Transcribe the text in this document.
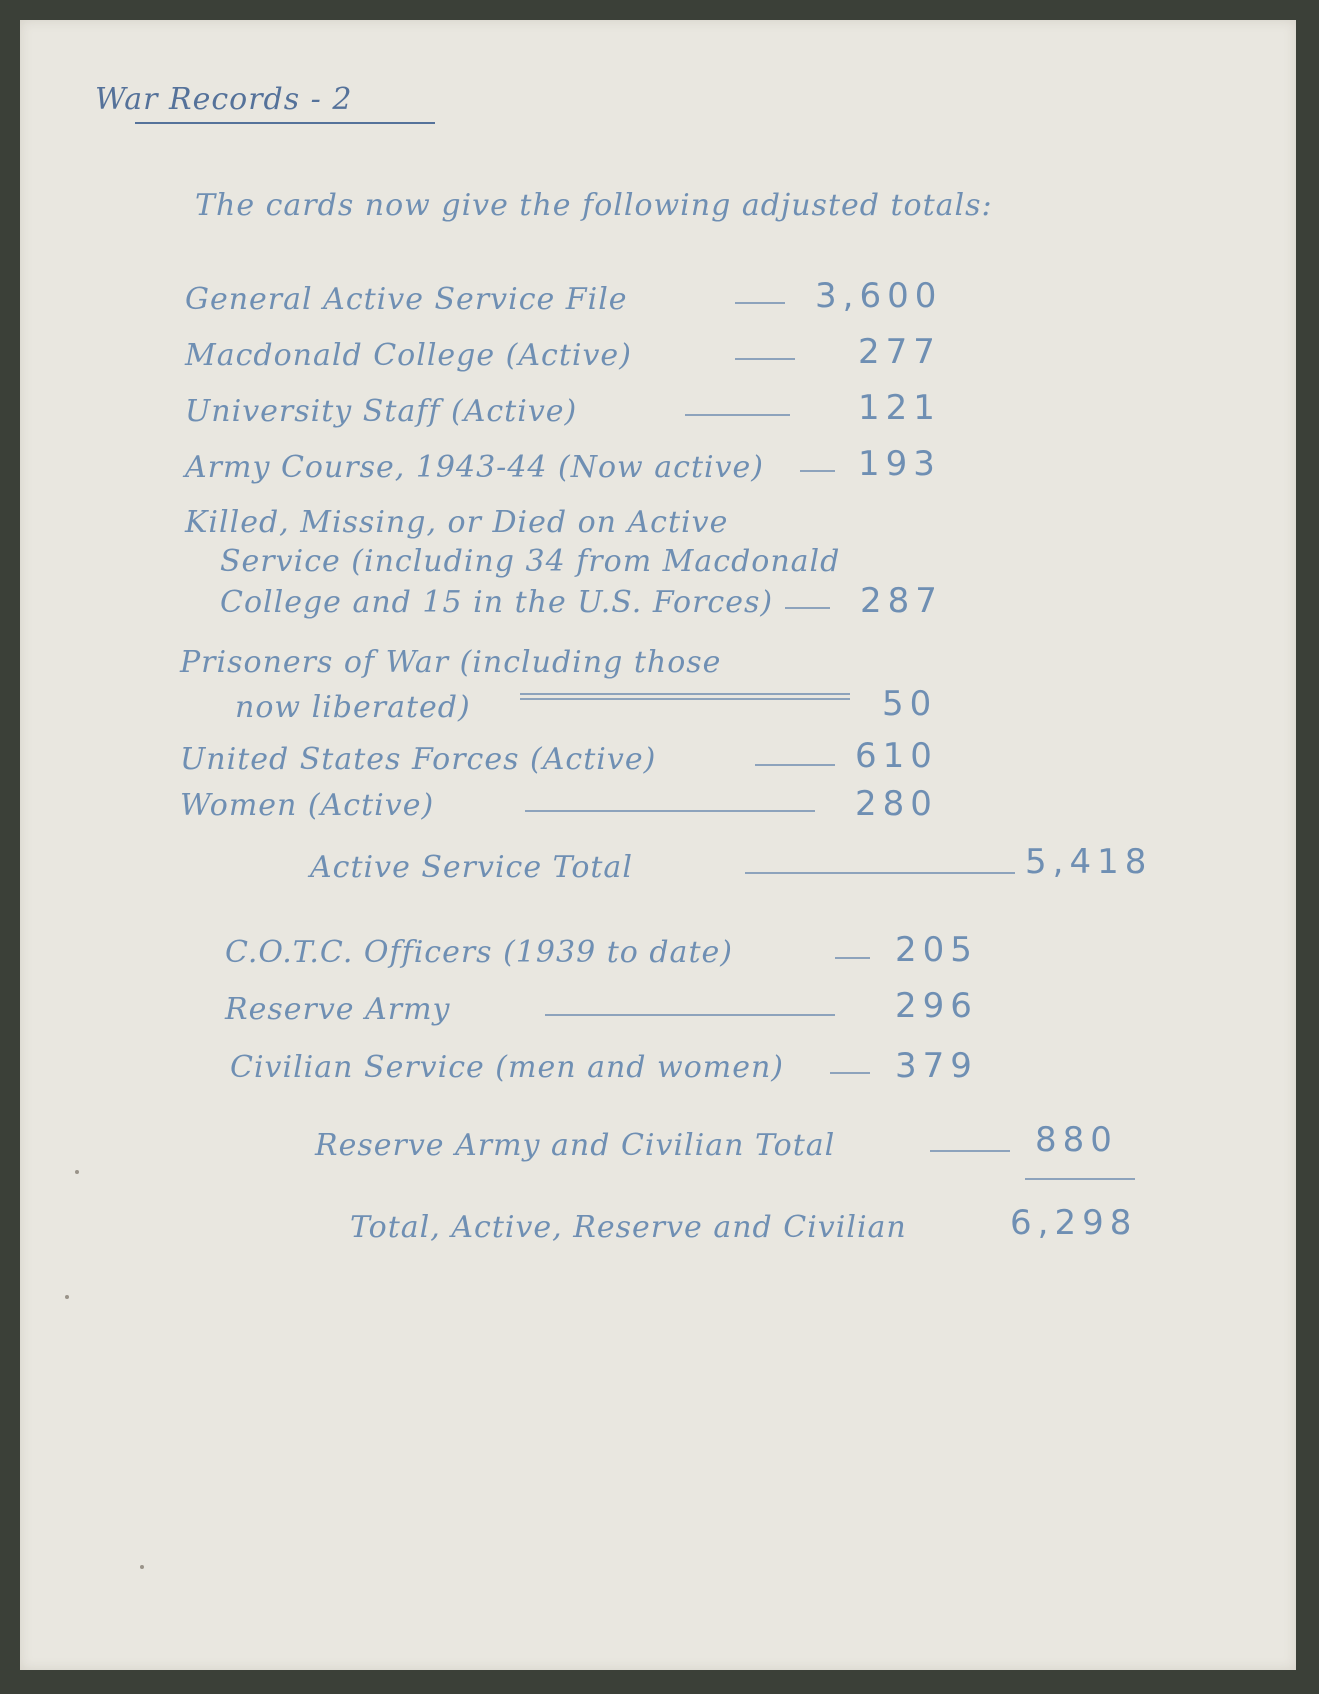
War Records - 2
The cards now give the following adjusted totals:
General Active Service File	3,600
Macdonald College (Active)	277
University Staff (Active)	121
Army Course, 1943-44 (Now active)	193
Killed, Missing, or Died on Active
Service (including 34 from Macdonald
College and 15 in the U.S. Forces)	287
Prisoners of War (including those
now liberated)	50
United States Forces (Active)	610
Women (Active)	280
Active Service Total	5,418
C.O.T.C. Officers (1939 to date)	205
Reserve Army	296
Civilian Service (men and women)	379
Reserve Army and Civilian Total	880
Total, Active, Reserve and Civilian	6,298
